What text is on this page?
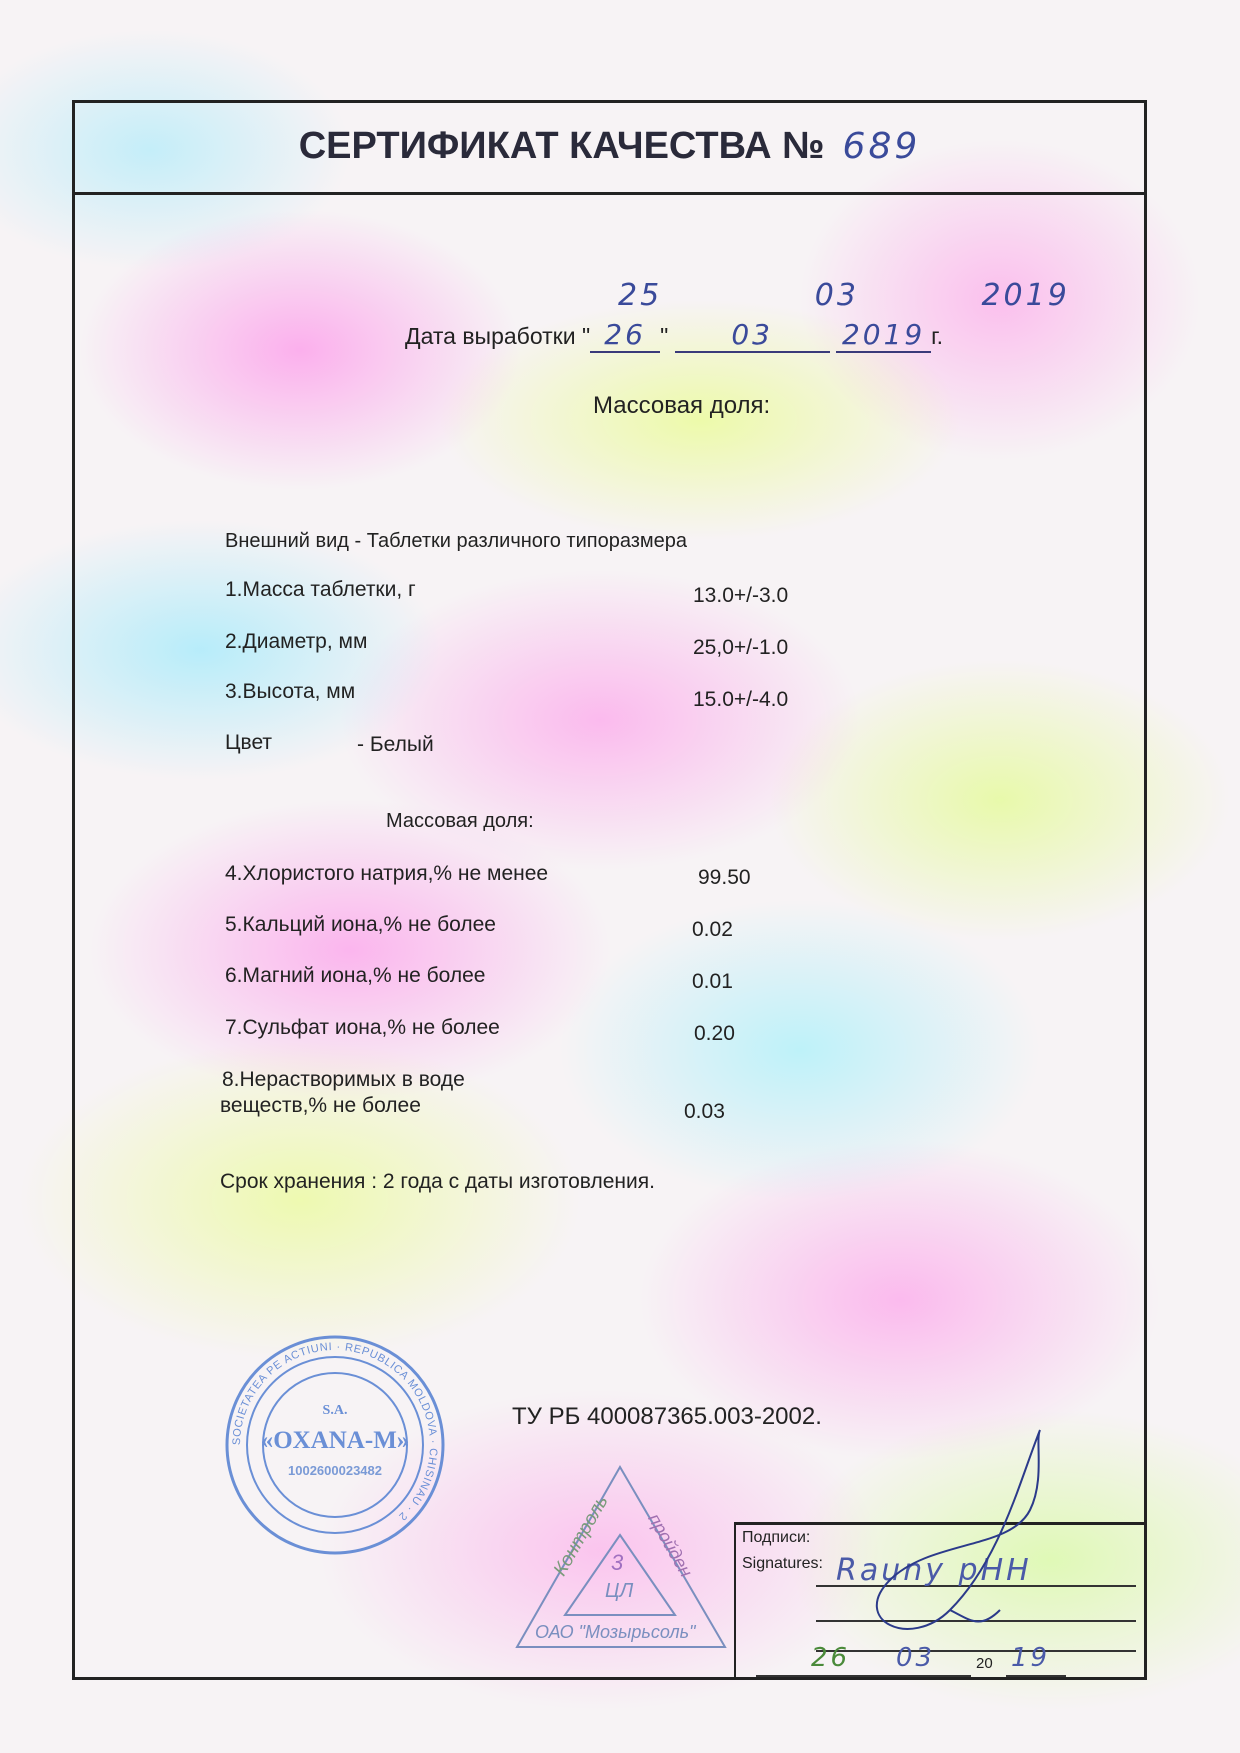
СЕРТИФИКАТ КАЧЕСТВА № 689
25	03	2019
Дата выработки " 26 " 03 2019 г.
Массовая доля:
Внешний вид - Таблетки различного типоразмера
1.Масса таблетки, г	13.0+/-3.0
2.Диаметр, мм	25,0+/-1.0
3.Высота, мм	15.0+/-4.0
Цвет	- Белый
Массовая доля:
4.Хлористого натрия,% не менее	99.50
5.Кальций иона,% не более	0.02
6.Магний иона,% не более	0.01
7.Сульфат иона,% не более	0.20
8.Нерастворимых в воде
веществ,% не более	0.03
Срок хранения : 2 года с даты изготовления.
ТУ РБ 400087365.003-2002.
SOCIETATEA PE ACTIUNI · REPUBLICA MOLDOVA · CHISINAU · 2
S.A.
«OXANA-M»
1002600023482
Контроль пройден
3
ЦЛ
ОАО "Мозырьсоль"
Подписи:
Signatures: Rauny pHH
26 03	20 19
